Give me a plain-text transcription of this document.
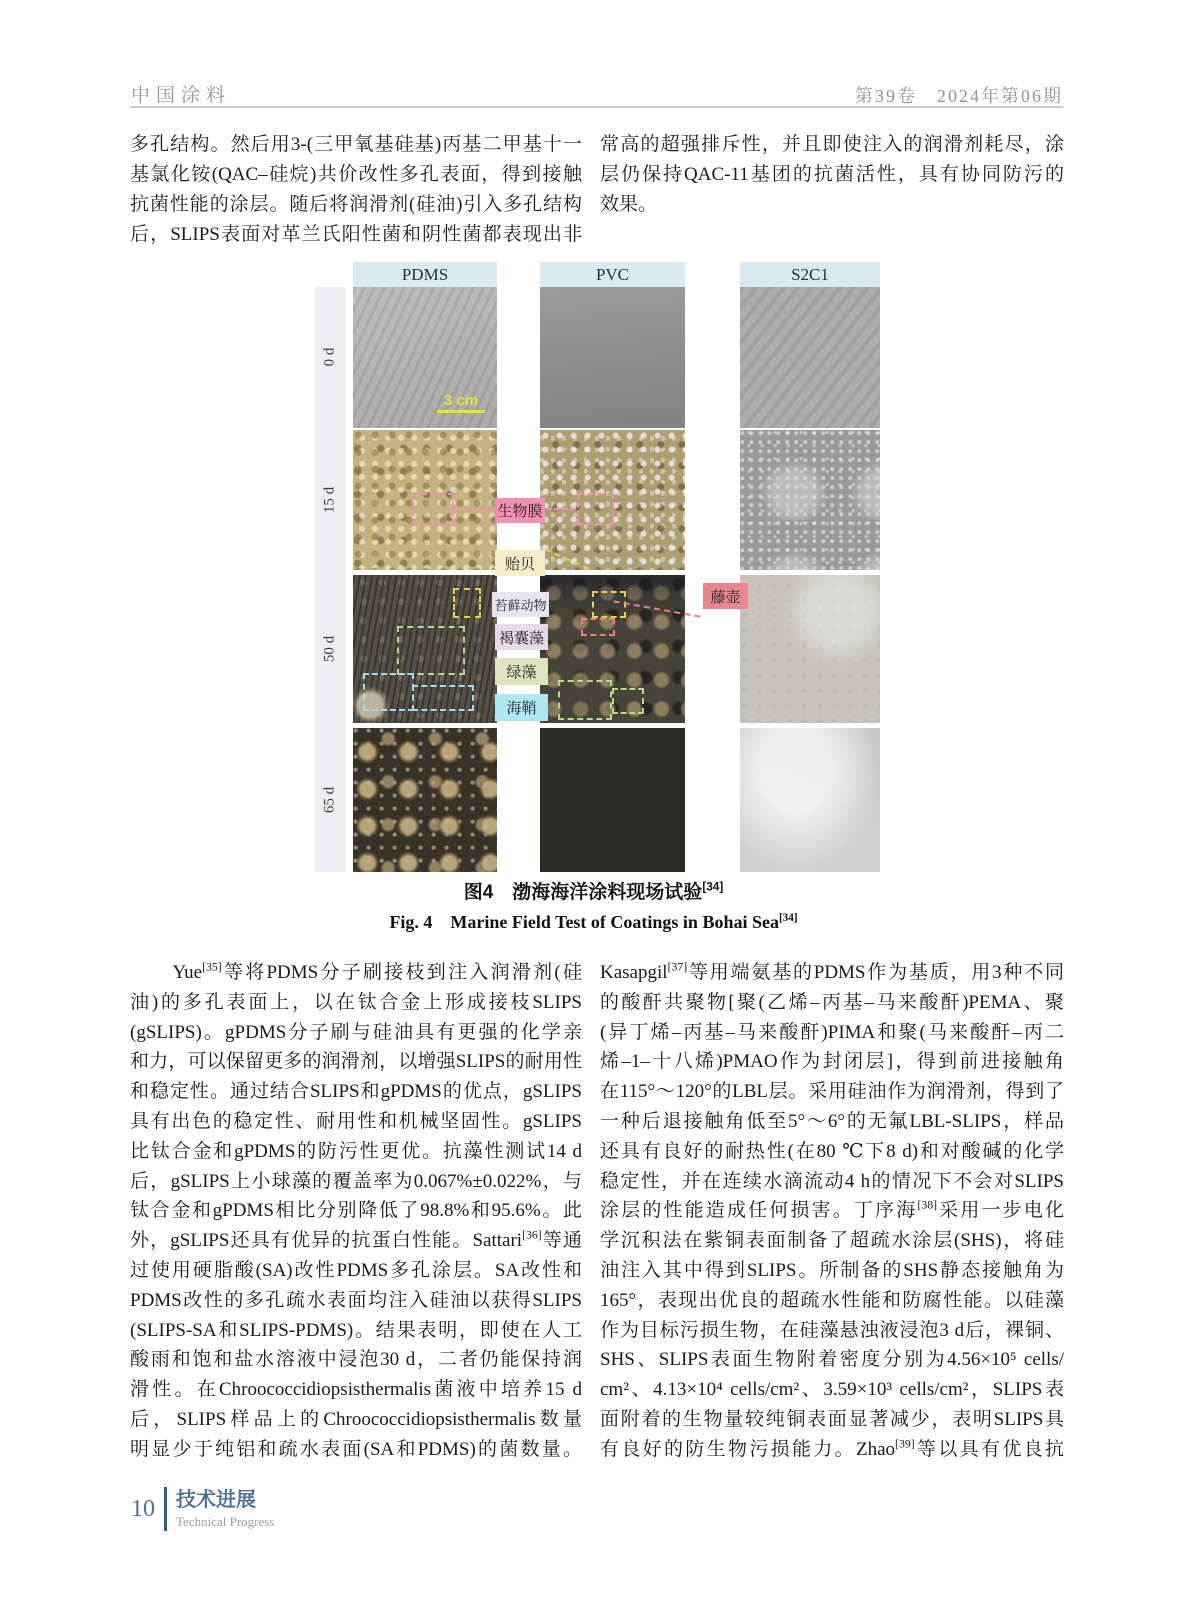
中国涂料	第39卷　2024年第06期
多孔结构。然后用3-(三甲氧基硅基)丙基二甲基十一
基氯化铵(QAC–硅烷)共价改性多孔表面，得到接触
抗菌性能的涂层。随后将润滑剂(硅油)引入多孔结构
后，SLIPS表面对革兰氏阳性菌和阴性菌都表现出非
常高的超强排斥性，并且即使注入的润滑剂耗尽，涂
层仍保持QAC-11基团的抗菌活性，具有协同防污的
效果。
PDMS	PVC	S2C1
0 d
15 d
50 d
65 d
3 cm
生物膜
贻贝
苔藓动物
褐囊藻
绿藻
海鞘
藤壶
图4　渤海海洋涂料现场试验[34]
Fig. 4　Marine Field Test of Coatings in Bohai Sea[34]
　　Yue[35]等将PDMS分子刷接枝到注入润滑剂(硅
油)的多孔表面上，以在钛合金上形成接枝SLIPS
(gSLIPS)。gPDMS分子刷与硅油具有更强的化学亲
和力，可以保留更多的润滑剂，以增强SLIPS的耐用性
和稳定性。通过结合SLIPS和gPDMS的优点，gSLIPS
具有出色的稳定性、耐用性和机械坚固性。gSLIPS
比钛合金和gPDMS的防污性更优。抗藻性测试14 d
后，gSLIPS上小球藻的覆盖率为0.067%±0.022%，与
钛合金和gPDMS相比分别降低了98.8%和95.6%。此
外，gSLIPS还具有优异的抗蛋白性能。Sattari[36]等通
过使用硬脂酸(SA)改性PDMS多孔涂层。SA改性和
PDMS改性的多孔疏水表面均注入硅油以获得SLIPS
(SLIPS-SA和SLIPS-PDMS)。结果表明，即使在人工
酸雨和饱和盐水溶液中浸泡30 d，二者仍能保持润
滑性。在Chroococcidiopsisthermalis菌液中培养15 d
后，SLIPS样品上的Chroococcidiopsisthermalis数量
明显少于纯铝和疏水表面(SA和PDMS)的菌数量。
Kasapgil[37]等用端氨基的PDMS作为基质，用3种不同
的酸酐共聚物[聚(乙烯–丙基–马来酸酐)PEMA、聚
(异丁烯–丙基–马来酸酐)PIMA和聚(马来酸酐–丙二
烯–1–十八烯)PMAO作为封闭层]，得到前进接触角
在115°～120°的LBL层。采用硅油作为润滑剂，得到了
一种后退接触角低至5°～6°的无氟LBL-SLIPS，样品
还具有良好的耐热性(在80 ℃下8 d)和对酸碱的化学
稳定性，并在连续水滴流动4 h的情况下不会对SLIPS
涂层的性能造成任何损害。丁序海[38]采用一步电化
学沉积法在紫铜表面制备了超疏水涂层(SHS)，将硅
油注入其中得到SLIPS。所制备的SHS静态接触角为
165°，表现出优良的超疏水性能和防腐性能。以硅藻
作为目标污损生物，在硅藻悬浊液浸泡3 d后，裸铜、
SHS、SLIPS表面生物附着密度分别为4.56×10⁵ cells/
cm²、4.13×10⁴ cells/cm²、3.59×10³ cells/cm²，SLIPS表
面附着的生物量较纯铜表面显著减少，表明SLIPS具
有良好的防生物污损能力。Zhao[39]等以具有优良抗
10	技术进展
Technical Progress
